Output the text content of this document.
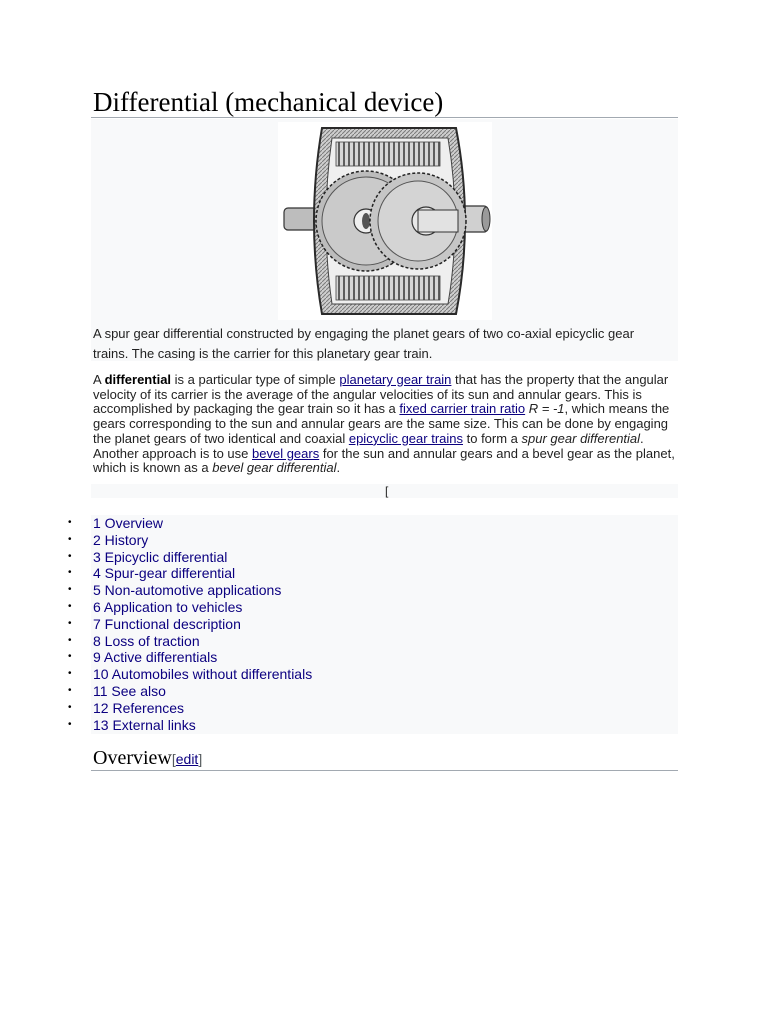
Differential (mechanical device)
A spur gear differential constructed by engaging the planet gears of two co-axial epicyclic gear trains. The casing is the carrier for this planetary gear train.

A differential is a particular type of simple planetary gear train that has the property that the angular velocity of its carrier is the average of the angular velocities of its sun and annular gears. This is accomplished by packaging the gear train so it has a fixed carrier train ratio R = -1, which means the gears corresponding to the sun and annular gears are the same size. This can be done by engaging the planet gears of two identical and coaxial epicyclic gear trains to form a spur gear differential. Another approach is to use bevel gears for the sun and annular gears and a bevel gear as the planet, which is known as a bevel gear differential.

[
•	1 Overview
•	2 History
•	3 Epicyclic differential
•	4 Spur-gear differential
•	5 Non-automotive applications
•	6 Application to vehicles
•	7 Functional description
•	8 Loss of traction
•	9 Active differentials
•	10 Automobiles without differentials
•	11 See also
•	12 References
•	13 External links
Overview[edit]
